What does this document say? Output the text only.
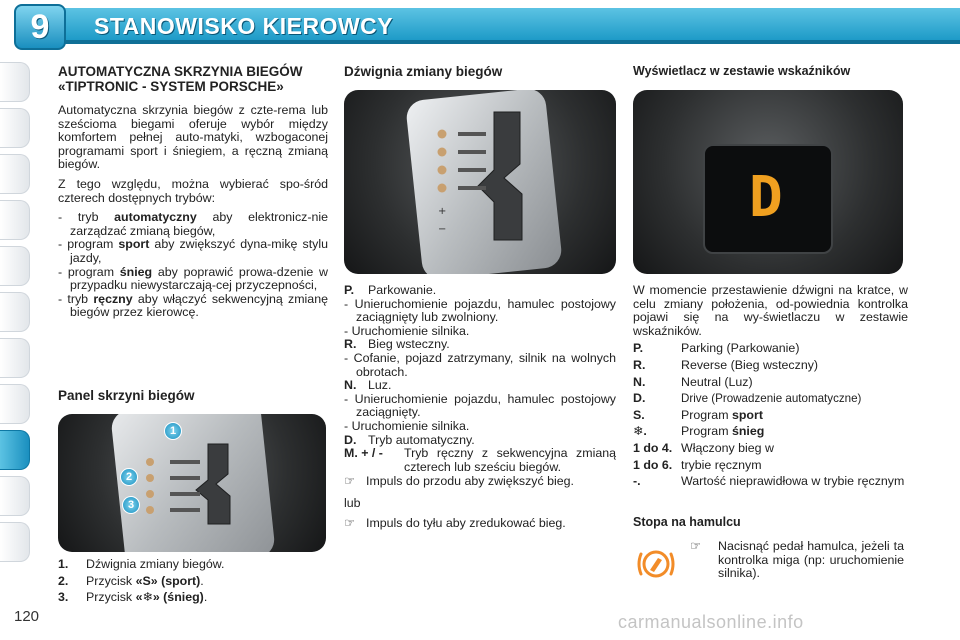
9 STANOWISKO KIEROWCY
AUTOMATYCZNA SKRZYNIA BIEGÓW «TIPTRONIC - SYSTEM PORSCHE»

Automatyczna skrzynia biegów z czte-rema lub sześcioma biegami oferuje wybór między komfortem pełnej auto-matyki, wzbogaconej programami sport i śniegiem, a ręczną zmianą biegów.

Z tego względu, można wybierać spo-śród czterech dostępnych trybów:

- tryb automatyczny aby elektronicz-nie zarządzać zmianą biegów,
- program sport aby zwiększyć dyna-mikę stylu jazdy,
- program śnieg aby poprawić prowa-dzenie w przypadku niewystarczają-cej przyczepności,
- tryb ręczny aby włączyć sekwencyjną zmianę biegów przez kierowcę.
Panel skrzyni biegów
1
2
3
1.	Dźwignia zmiany biegów.
2.	Przycisk «S» (sport).
3.	Przycisk «❄» (śnieg).
Dźwignia zmiany biegów
+
−
P.	Parkowanie.
- Unieruchomienie pojazdu, hamulec postojowy zaciągnięty lub zwolniony.
- Uruchomienie silnika.
R. Bieg wsteczny.
- Cofanie, pojazd zatrzymany, silnik na wolnych obrotach.
N. Luz.
- Unieruchomienie pojazdu, hamulec postojowy zaciągnięty.
- Uruchomienie silnika.
D. Tryb automatyczny.
M. + / -	Tryb ręczny z sekwencyjna zmianą czterech lub sześciu biegów.
☞ Impuls do przodu aby zwiększyć bieg.
lub
☞ Impuls do tyłu aby zredukować bieg.
Wyświetlacz w zestawie wskaźników
D

W momencie przestawienie dźwigni na kratce, w celu zmiany położenia, od-powiednia kontrolka pojawi się na wy-świetlaczu w zestawie wskaźników.

P.	Parking (Parkowanie)
R.	Reverse (Bieg wsteczny)
N.	Neutral (Luz)
D.	Drive (Prowadzenie automatyczne)
S.	Program sport
❄.	Program śnieg
1 do 4. Włączony bieg w
1 do 6. trybie ręcznym
-.	Wartość nieprawidłowa w trybie ręcznym
Stopa na hamulcu
☞	Nacisnąć pedał hamulca, jeżeli ta kontrolka miga (np: uruchomienie silnika).
120	carmanualsonline.info
